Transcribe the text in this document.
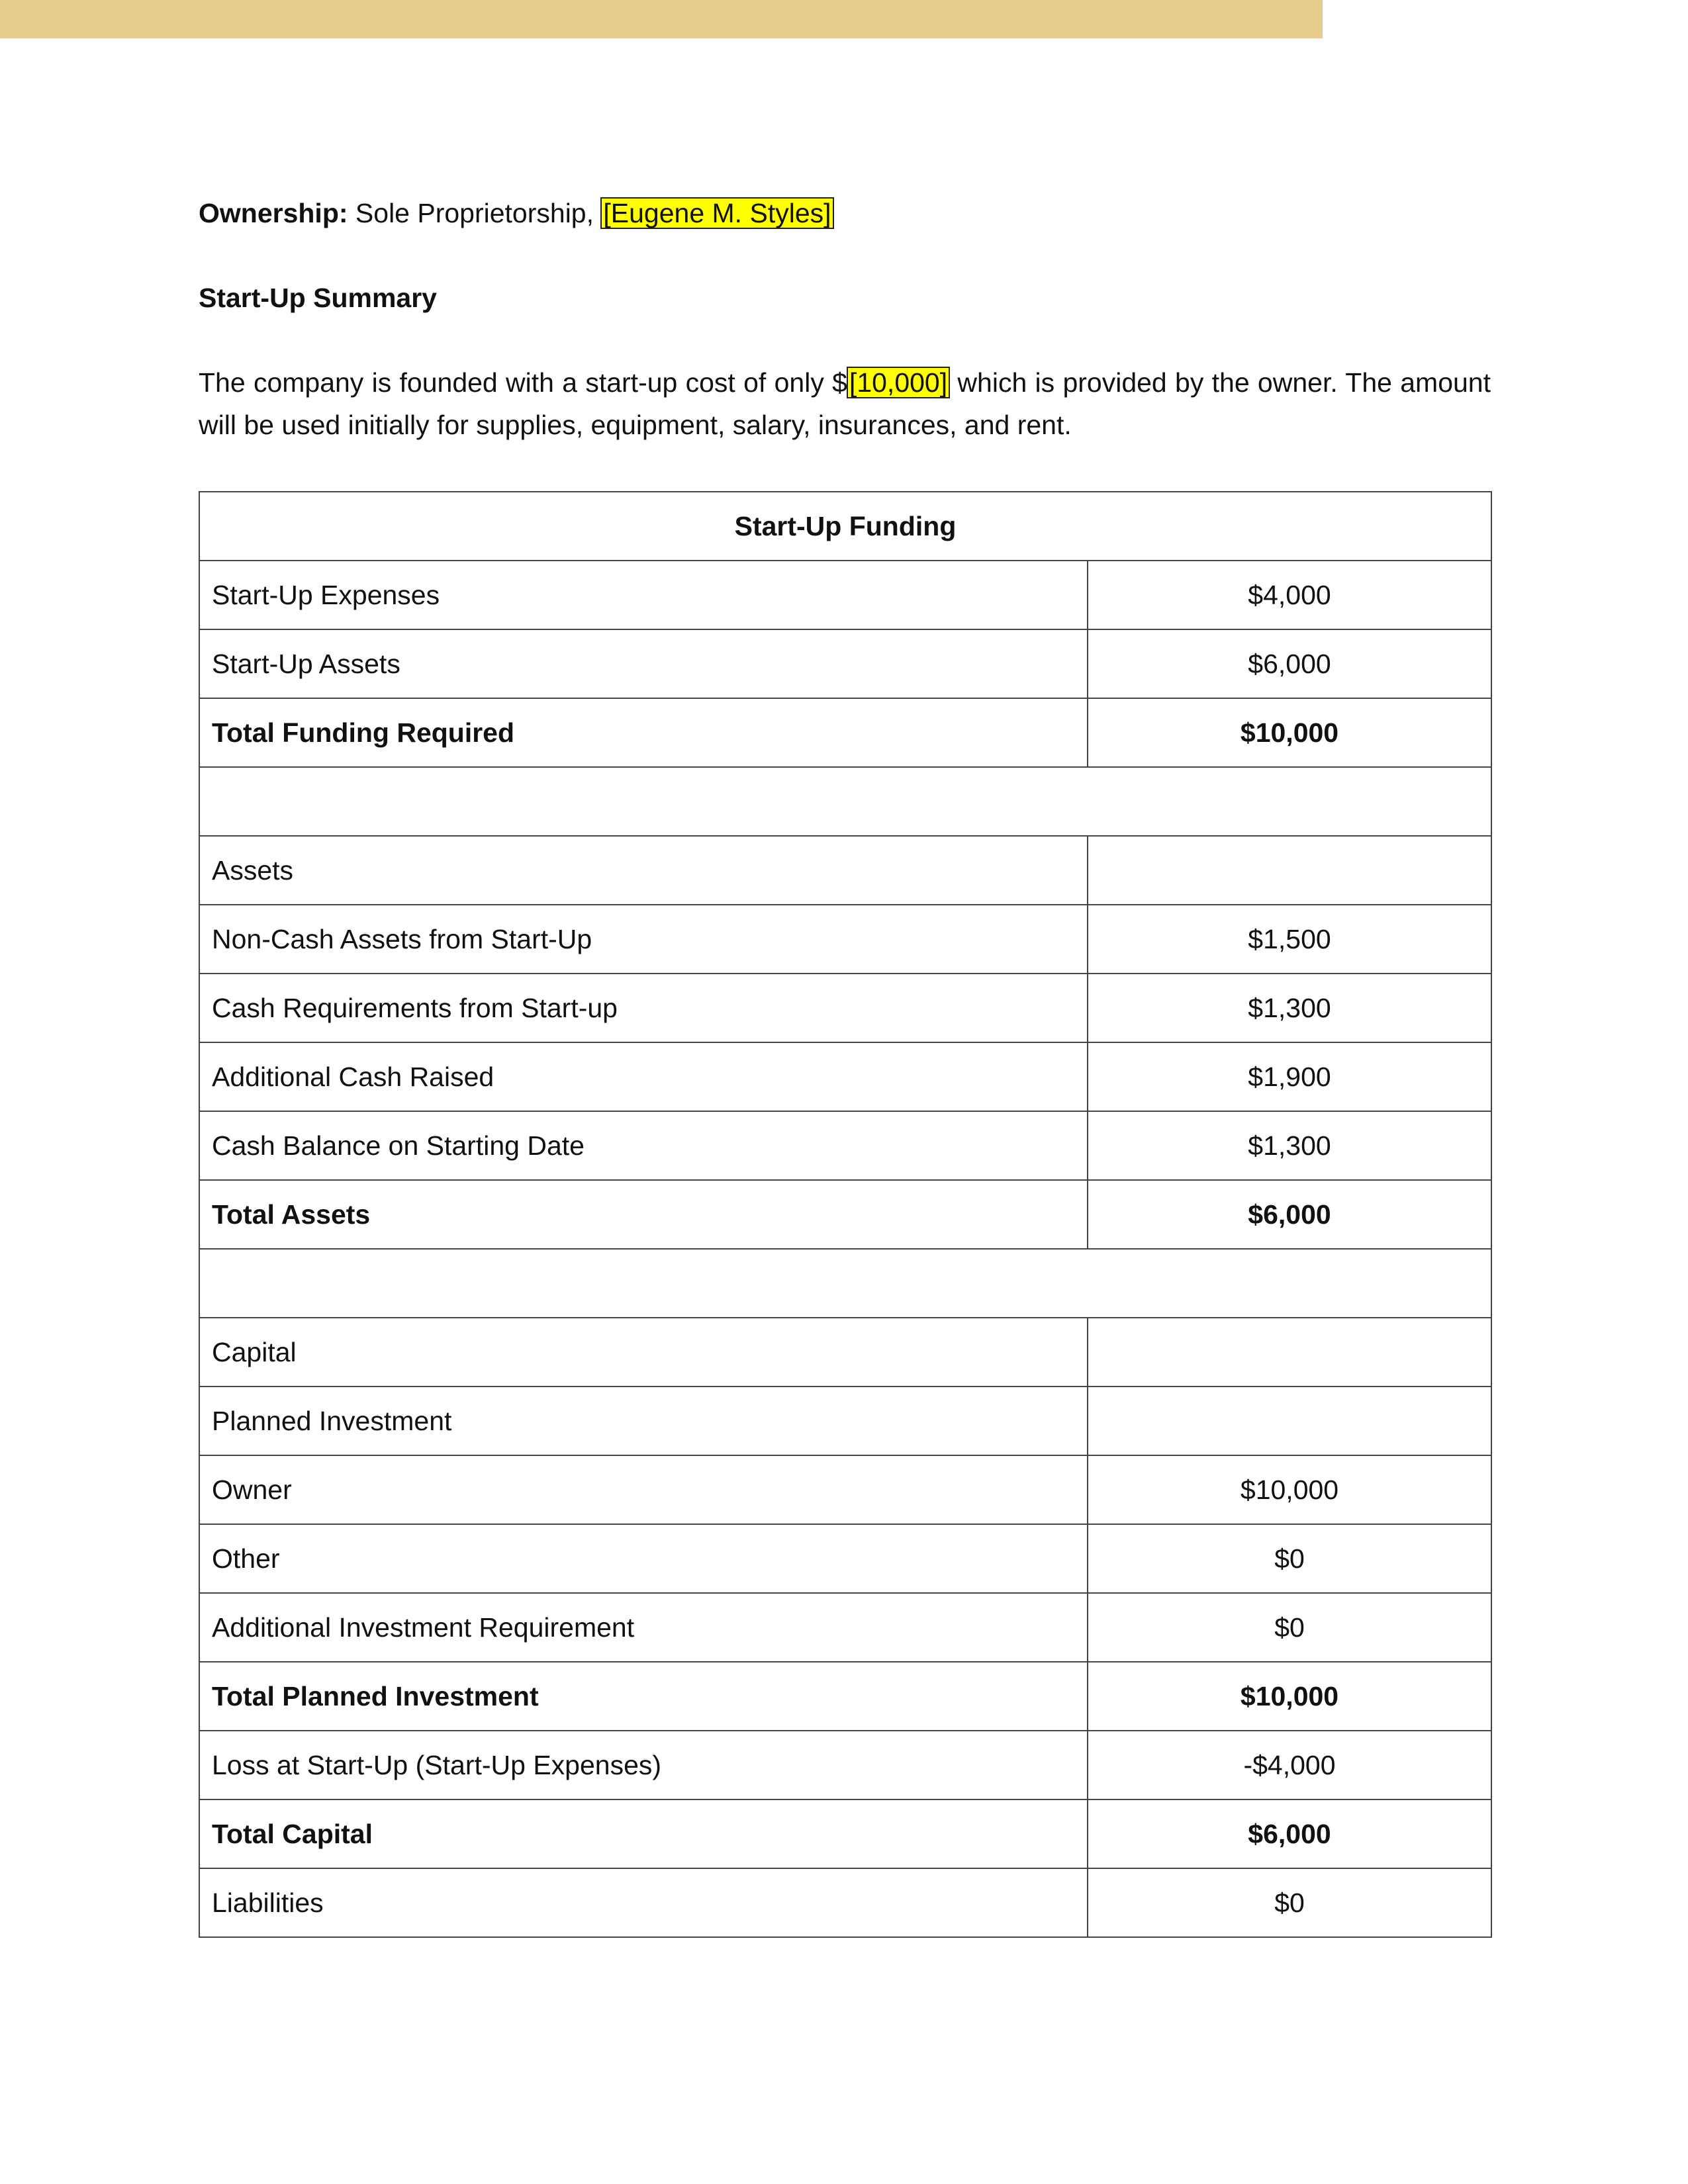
Ownership: Sole Proprietorship, [Eugene M. Styles]

Start-Up Summary

The company is founded with a start-up cost of only $[10,000] which is provided by the owner. The amount will be used initially for supplies, equipment, salary, insurances, and rent.

Start-Up Funding	
Start-Up Expenses	$4,000
Start-Up Assets	$6,000
Total Funding Required	$10,000

Assets	
Non-Cash Assets from Start-Up	$1,500
Cash Requirements from Start-up	$1,300
Additional Cash Raised	$1,900
Cash Balance on Starting Date	$1,300
Total Assets	$6,000

Capital	
Planned Investment	
Owner	$10,000
Other	$0
Additional Investment Requirement	$0
Total Planned Investment	$10,000
Loss at Start-Up (Start-Up Expenses)	-$4,000
Total Capital	$6,000
Liabilities	$0
